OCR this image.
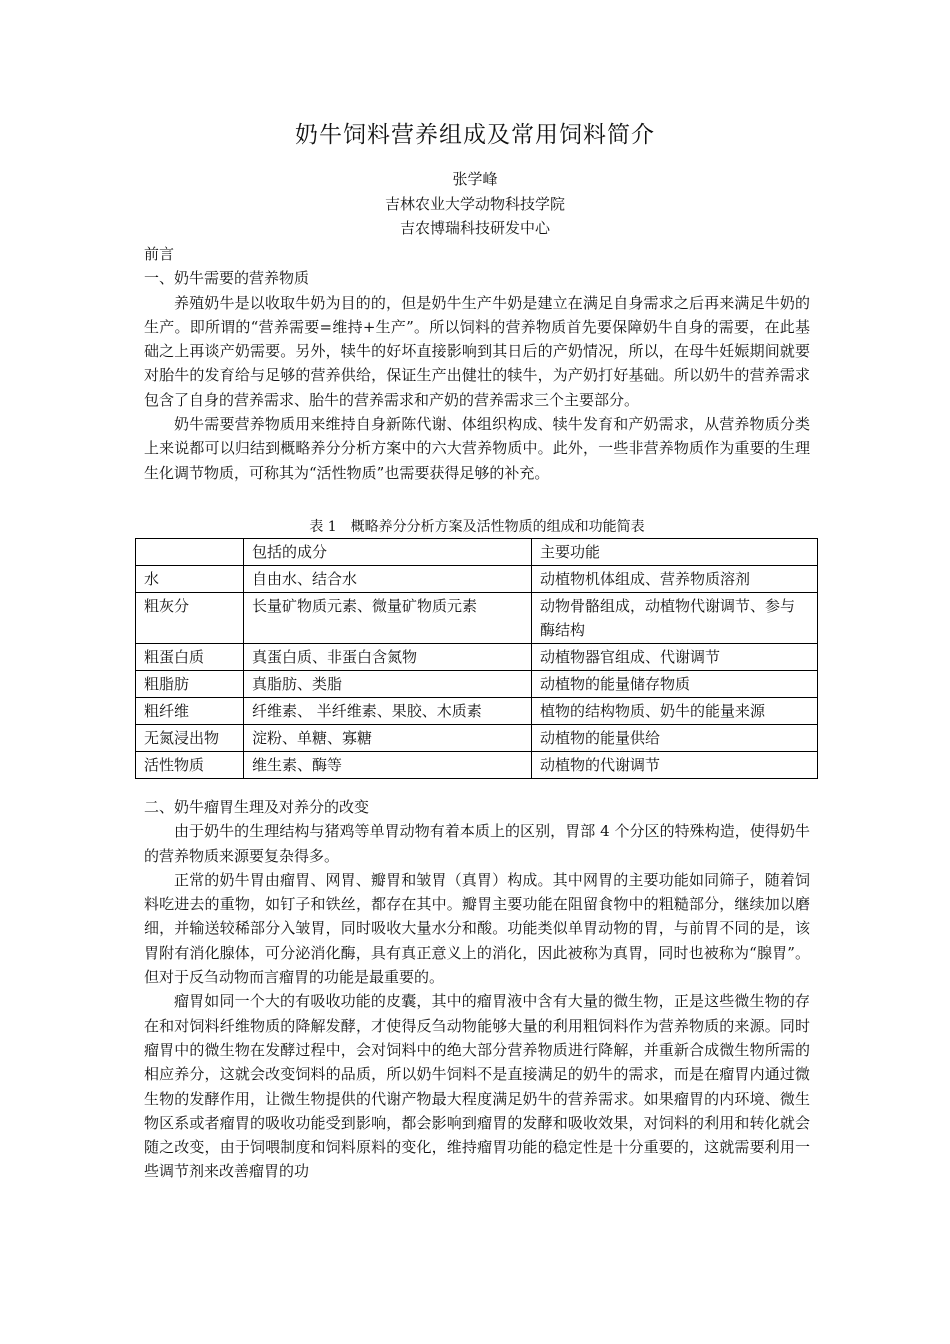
奶牛饲料营养组成及常用饲料简介
张学峰
吉林农业大学动物科技学院
吉农博瑞科技研发中心

前言

一、奶牛需要的营养物质

养殖奶牛是以收取牛奶为目的的，但是奶牛生产牛奶是建立在满足自身需求之后再来满足牛奶的生产。即所谓的“营养需要=维持+生产”。所以饲料的营养物质首先要保障奶牛自身的需要，在此基础之上再谈产奶需要。另外，犊牛的好坏直接影响到其日后的产奶情况，所以，在母牛妊娠期间就要对胎牛的发育给与足够的营养供给，保证生产出健壮的犊牛，为产奶打好基础。所以奶牛的营养需求包含了自身的营养需求、胎牛的营养需求和产奶的营养需求三个主要部分。

奶牛需要营养物质用来维持自身新陈代谢、体组织构成、犊牛发育和产奶需求，从营养物质分类上来说都可以归结到概略养分分析方案中的六大营养物质中。此外，一些非营养物质作为重要的生理生化调节物质，可称其为“活性物质”也需要获得足够的补充。

表 1　概略养分分析方案及活性物质的组成和功能简表
	包括的成分	主要功能
水	自由水、结合水	动植物机体组成、营养物质溶剂
粗灰分	长量矿物质元素、微量矿物质元素	动物骨骼组成，动植物代谢调节、参与酶结构
粗蛋白质	真蛋白质、非蛋白含氮物	动植物器官组成、代谢调节
粗脂肪	真脂肪、类脂	动植物的能量储存物质
粗纤维	纤维素、 半纤维素、果胶、木质素	植物的结构物质、奶牛的能量来源
无氮浸出物	淀粉、单糖、寡糖	动植物的能量供给
活性物质	维生素、酶等	动植物的代谢调节

二、奶牛瘤胃生理及对养分的改变

由于奶牛的生理结构与猪鸡等单胃动物有着本质上的区别，胃部 4 个分区的特殊构造，使得奶牛的营养物质来源要复杂得多。

正常的奶牛胃由瘤胃、网胃、瓣胃和皱胃（真胃）构成。其中网胃的主要功能如同筛子，随着饲料吃进去的重物，如钉子和铁丝，都存在其中。瓣胃主要功能在阻留食物中的粗糙部分，继续加以磨细，并输送较稀部分入皱胃，同时吸收大量水分和酸。功能类似单胃动物的胃，与前胃不同的是，该胃附有消化腺体，可分泌消化酶，具有真正意义上的消化，因此被称为真胃，同时也被称为“腺胃”。但对于反刍动物而言瘤胃的功能是最重要的。

瘤胃如同一个大的有吸收功能的皮囊，其中的瘤胃液中含有大量的微生物，正是这些微生物的存在和对饲料纤维物质的降解发酵，才使得反刍动物能够大量的利用粗饲料作为营养物质的来源。同时瘤胃中的微生物在发酵过程中，会对饲料中的绝大部分营养物质进行降解，并重新合成微生物所需的相应养分，这就会改变饲料的品质，所以奶牛饲料不是直接满足的奶牛的需求，而是在瘤胃内通过微生物的发酵作用，让微生物提供的代谢产物最大程度满足奶牛的营养需求。如果瘤胃的内环境、微生物区系或者瘤胃的吸收功能受到影响，都会影响到瘤胃的发酵和吸收效果，对饲料的利用和转化就会随之改变，由于饲喂制度和饲料原料的变化，维持瘤胃功能的稳定性是十分重要的，这就需要利用一些调节剂来改善瘤胃的功
